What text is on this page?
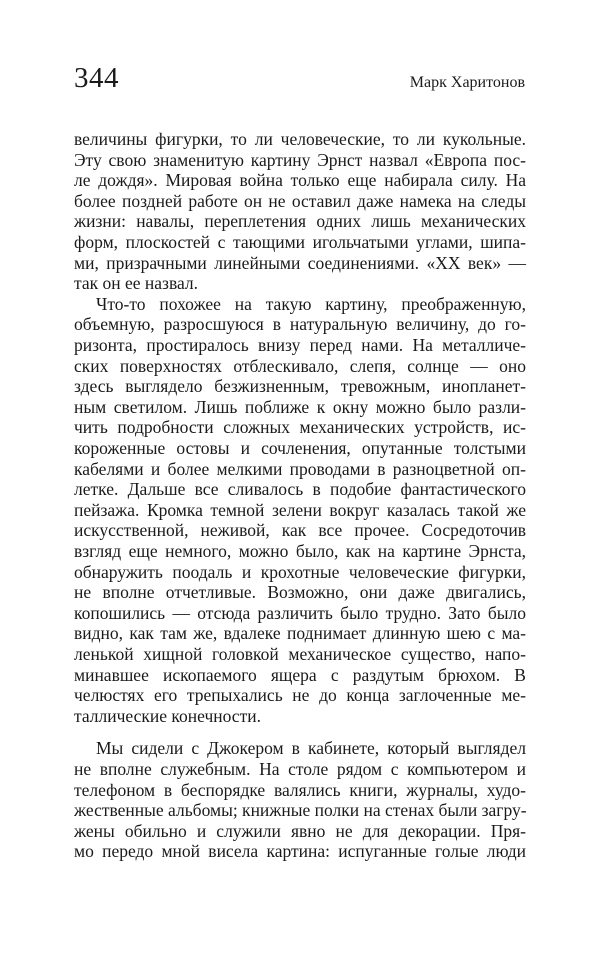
344	Марк Харитонов
величины фигурки, то ли человеческие, то ли кукольные.
Эту свою знаменитую картину Эрнст назвал «Европа пос-
ле дождя». Мировая война только еще набирала силу. На
более поздней работе он не оставил даже намека на следы
жизни: навалы, переплетения одних лишь механических
форм, плоскостей с тающими игольчатыми углами, шипа-
ми, призрачными линейными соединениями. «XX век» —
так он ее назвал.
Что-то похожее на такую картину, преображенную,
объемную, разросшуюся в натуральную величину, до го-
ризонта, простиралось внизу перед нами. На металличе-
ских поверхностях отблескивало, слепя, солнце — оно
здесь выглядело безжизненным, тревожным, инопланет-
ным светилом. Лишь поближе к окну можно было разли-
чить подробности сложных механических устройств, ис-
короженные остовы и сочленения, опутанные толстыми
кабелями и более мелкими проводами в разноцветной оп-
летке. Дальше все сливалось в подобие фантастического
пейзажа. Кромка темной зелени вокруг казалась такой же
искусственной, неживой, как все прочее. Сосредоточив
взгляд еще немного, можно было, как на картине Эрнста,
обнаружить поодаль и крохотные человеческие фигурки,
не вполне отчетливые. Возможно, они даже двигались,
копошились — отсюда различить было трудно. Зато было
видно, как там же, вдалеке поднимает длинную шею с ма-
ленькой хищной головкой механическое существо, напо-
минавшее ископаемого ящера с раздутым брюхом. В
челюстях его трепыхались не до конца заглоченные ме-
таллические конечности.
Мы сидели с Джокером в кабинете, который выглядел
не вполне служебным. На столе рядом с компьютером и
телефоном в беспорядке валялись книги, журналы, худо-
жественные альбомы; книжные полки на стенах были загру-
жены обильно и служили явно не для декорации. Пря-
мо передо мной висела картина: испуганные голые люди
